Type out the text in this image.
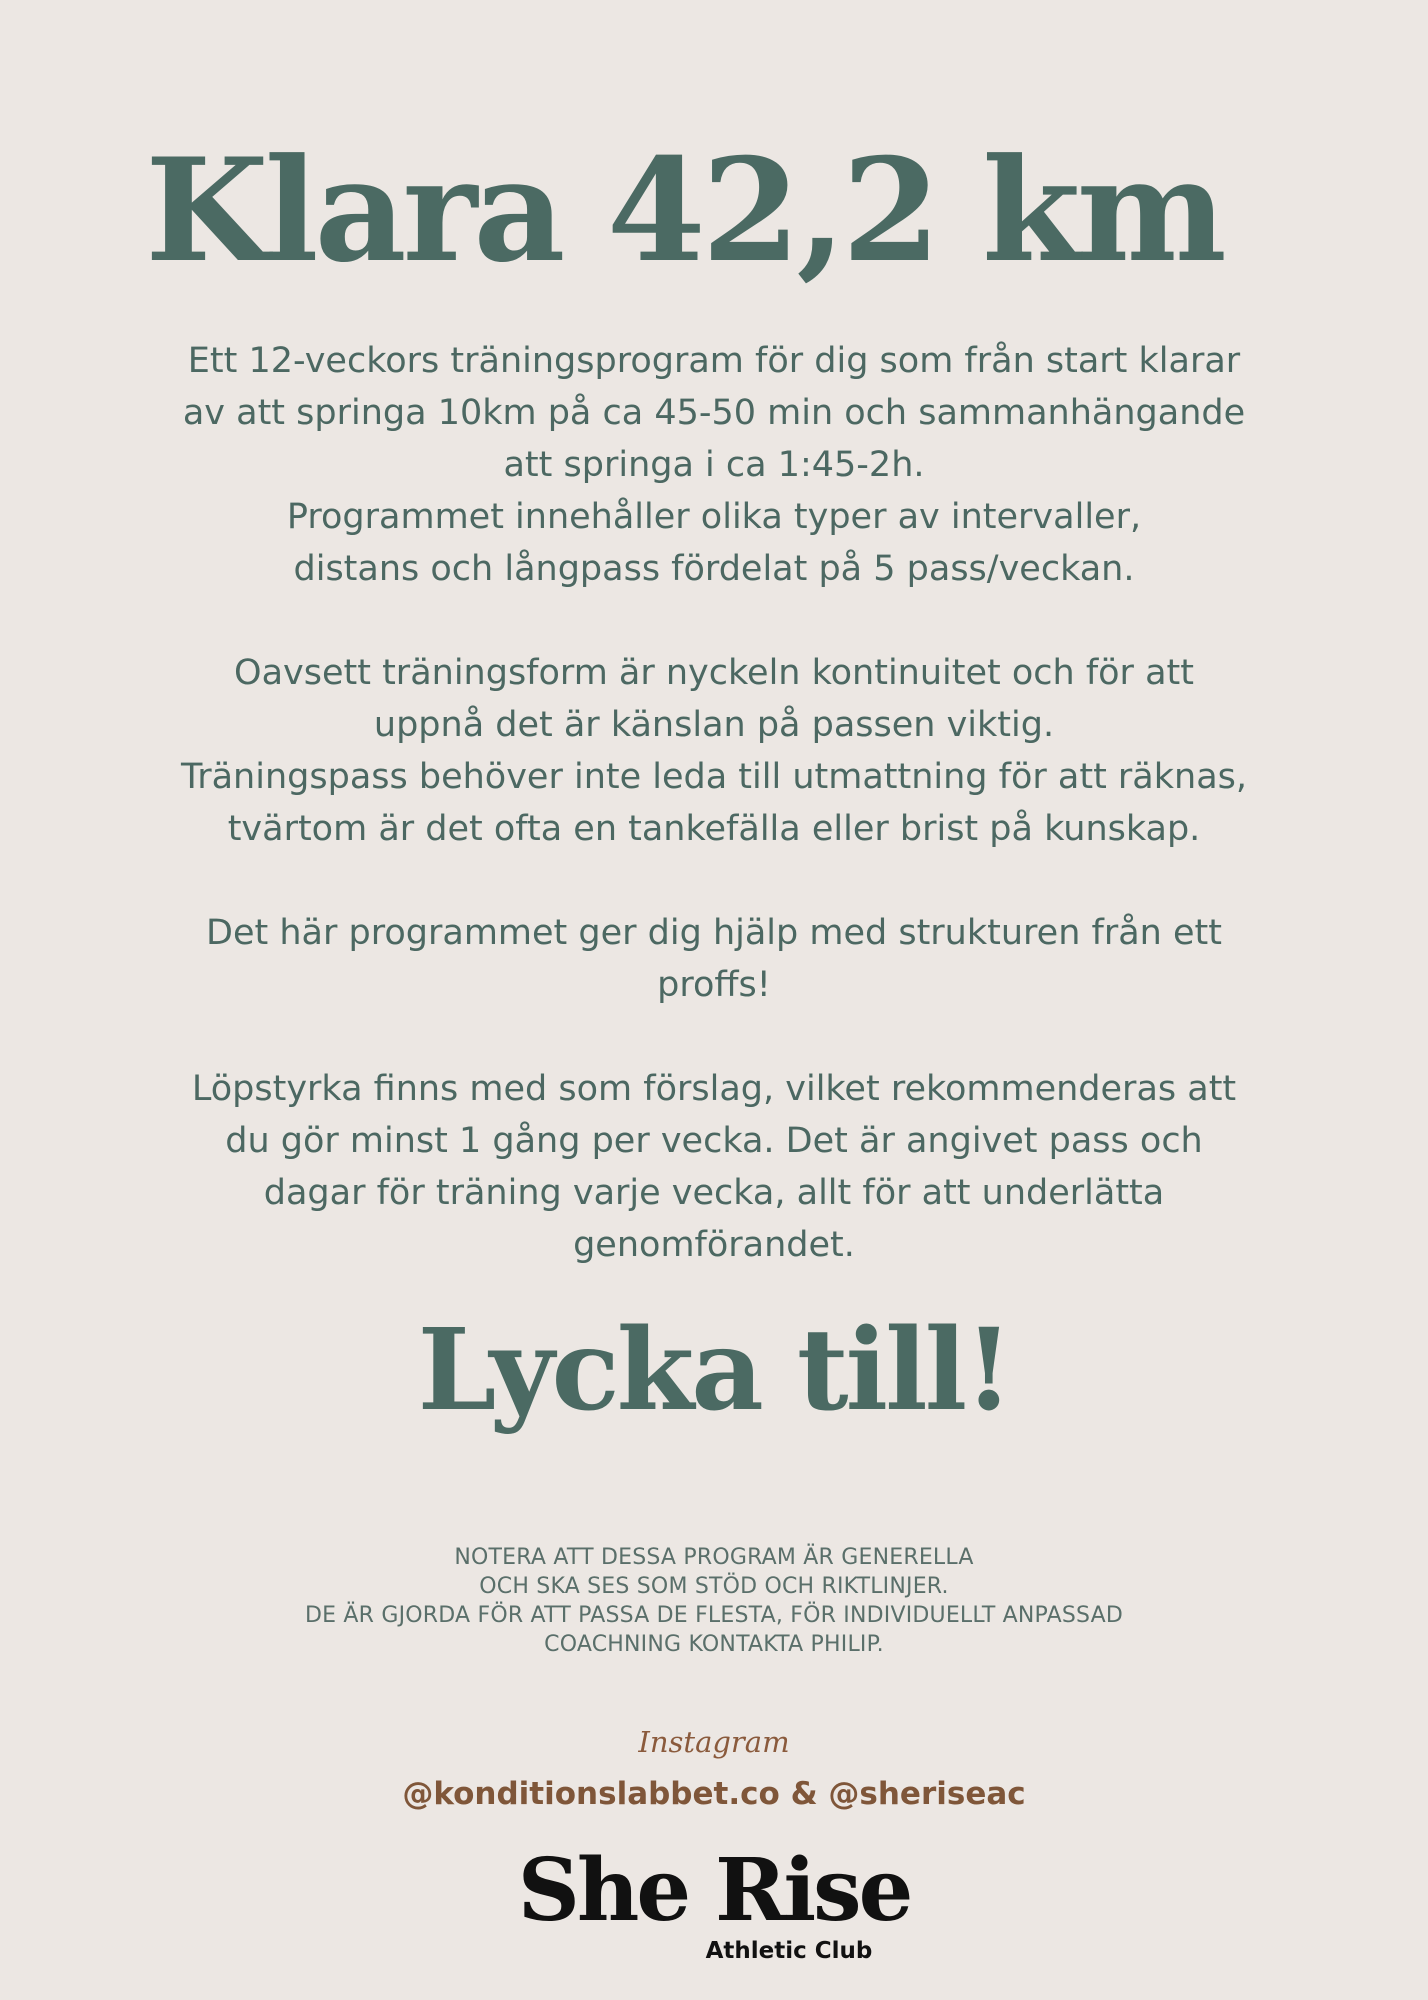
Klara 42,2 km

Ett 12-veckors träningsprogram för dig som från start klarar
av att springa 10km på ca 45-50 min och sammanhängande
att springa i ca 1:45-2h.
Programmet innehåller olika typer av intervaller,
distans och långpass fördelat på 5 pass/veckan.

Oavsett träningsform är nyckeln kontinuitet och för att
uppnå det är känslan på passen viktig.
Träningspass behöver inte leda till utmattning för att räknas,
tvärtom är det ofta en tankefälla eller brist på kunskap.

Det här programmet ger dig hjälp med strukturen från ett
proffs!

Löpstyrka finns med som förslag, vilket rekommenderas att
du gör minst 1 gång per vecka. Det är angivet pass och
dagar för träning varje vecka, allt för att underlätta
genomförandet.

Lycka till!
NOTERA ATT DESSA PROGRAM ÄR GENERELLA
OCH SKA SES SOM STÖD OCH RIKTLINJER.
DE ÄR GJORDA FÖR ATT PASSA DE FLESTA, FÖR INDIVIDUELLT ANPASSAD
COACHNING KONTAKTA PHILIP.
Instagram
@konditionslabbet.co & @sheriseac
She Rise
Athletic Club
